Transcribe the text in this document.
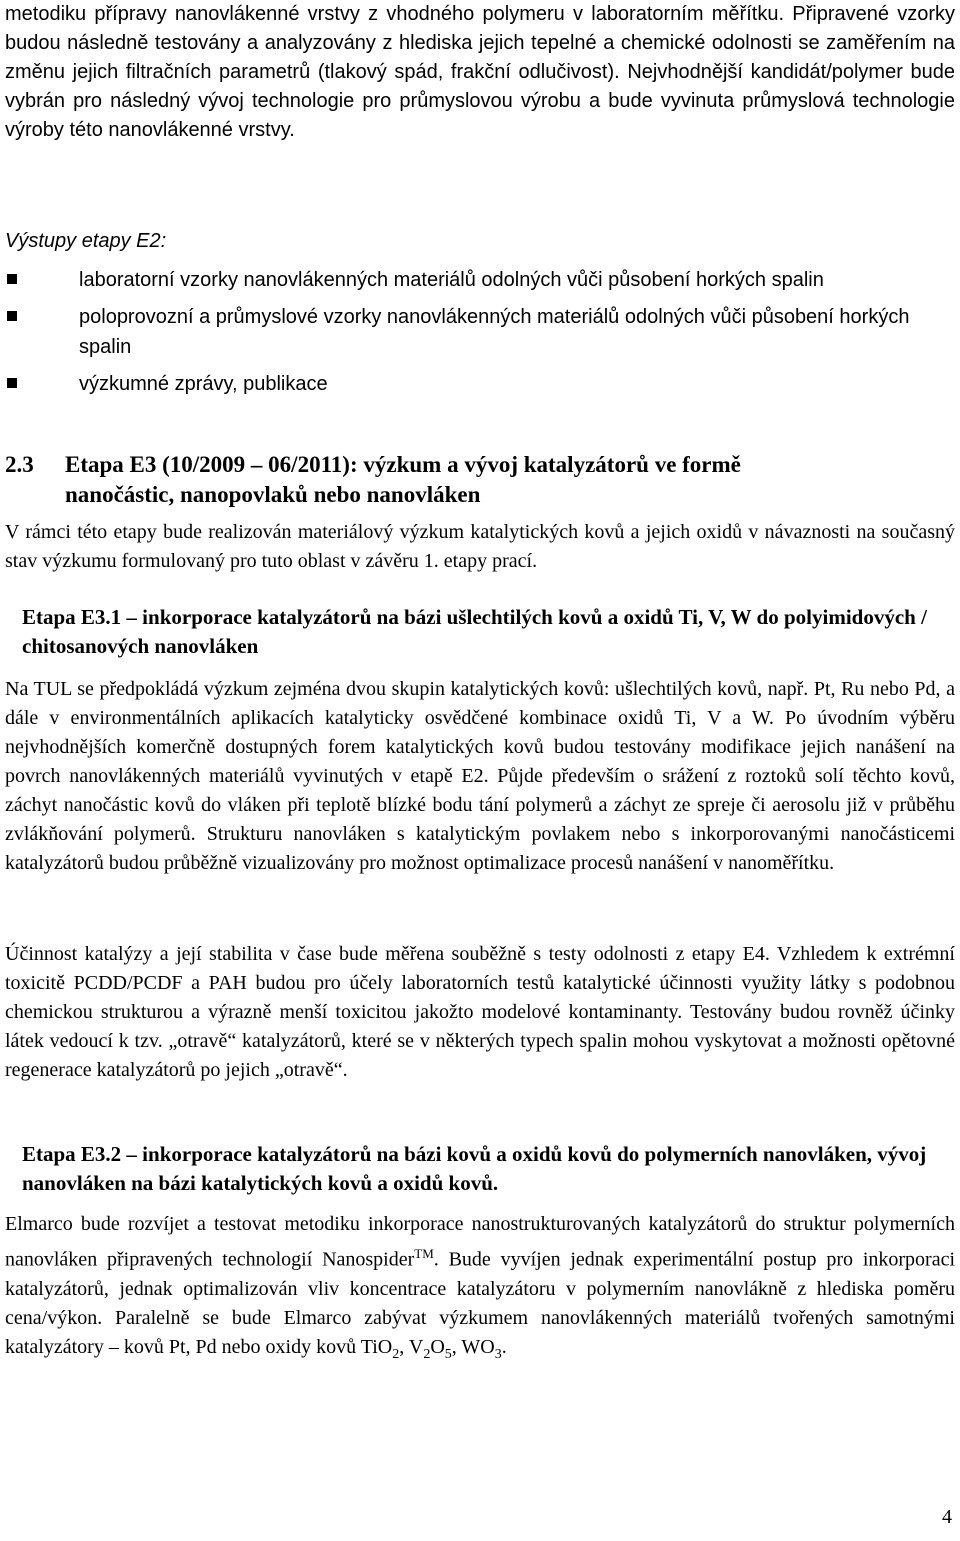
metodiku přípravy nanovlákenné vrstvy z vhodného polymeru v laboratorním měřítku. Připravené vzorky budou následně testovány a analyzovány z hlediska jejich tepelné a chemické odolnosti se zaměřením na změnu jejich filtračních parametrů (tlakový spád, frakční odlučivost). Nejvhodnější kandidát/polymer bude vybrán pro následný vývoj technologie pro průmyslovou výrobu a bude vyvinuta průmyslová technologie výroby této nanovlákenné vrstvy.
Výstupy etapy E2:
laboratorní vzorky nanovlákenných materiálů odolných vůči působení horkých spalin
poloprovozní a průmyslové vzorky nanovlákenných materiálů odolných vůči působení horkých spalin
výzkumné zprávy, publikace
2.3 Etapa E3 (10/2009 – 06/2011): výzkum a vývoj katalyzátorů ve formě
nanočástic, nanopovlaků nebo nanovláken
V rámci této etapy bude realizován materiálový výzkum katalytických kovů a jejich oxidů v návaznosti na současný stav výzkumu formulovaný pro tuto oblast v závěru 1. etapy prací.
Etapa E3.1 – inkorporace katalyzátorů na bázi ušlechtilých kovů a oxidů Ti, V, W do polyimidových / chitosanových nanovláken
Na TUL se předpokládá výzkum zejména dvou skupin katalytických kovů: ušlechtilých kovů, např. Pt, Ru nebo Pd, a dále v environmentálních aplikacích katalyticky osvědčené kombinace oxidů Ti, V a W. Po úvodním výběru nejvhodnějších komerčně dostupných forem katalytických kovů budou testovány modifikace jejich nanášení na povrch nanovlákenných materiálů vyvinutých v etapě E2. Půjde především o srážení z roztoků solí těchto kovů, záchyt nanočástic kovů do vláken při teplotě blízké bodu tání polymerů a záchyt ze spreje či aerosolu již v průběhu zvlákňování polymerů. Strukturu nanovláken s katalytickým povlakem nebo s inkorporovanými nanočásticemi katalyzátorů budou průběžně vizualizovány pro možnost optimalizace procesů nanášení v nanoměřítku.
Účinnost katalýzy a její stabilita v čase bude měřena souběžně s testy odolnosti z etapy E4. Vzhledem k extrémní toxicitě PCDD/PCDF a PAH budou pro účely laboratorních testů katalytické účinnosti využity látky s podobnou chemickou strukturou a výrazně menší toxicitou jakožto modelové kontaminanty. Testovány budou rovněž účinky látek vedoucí k tzv. „otravě“ katalyzátorů, které se v některých typech spalin mohou vyskytovat a možnosti opětovné regenerace katalyzátorů po jejich „otravě“.
Etapa E3.2 – inkorporace katalyzátorů na bázi kovů a oxidů kovů do polymerních nanovláken, vývoj nanovláken na bázi katalytických kovů a oxidů kovů.
Elmarco bude rozvíjet a testovat metodiku inkorporace nanostrukturovaných katalyzátorů do struktur polymerních nanovláken připravených technologií Nanospider™. Bude vyvíjen jednak experimentální postup pro inkorporaci katalyzátorů, jednak optimalizován vliv koncentrace katalyzátoru v polymerním nanovlákně z hlediska poměru cena/výkon. Paralelně se bude Elmarco zabývat výzkumem nanovlákenných materiálů tvořených samotnými katalyzátory – kovů Pt, Pd nebo oxidy kovů TiO$_2$, $V_2O_5$, $WO_3$.
4
